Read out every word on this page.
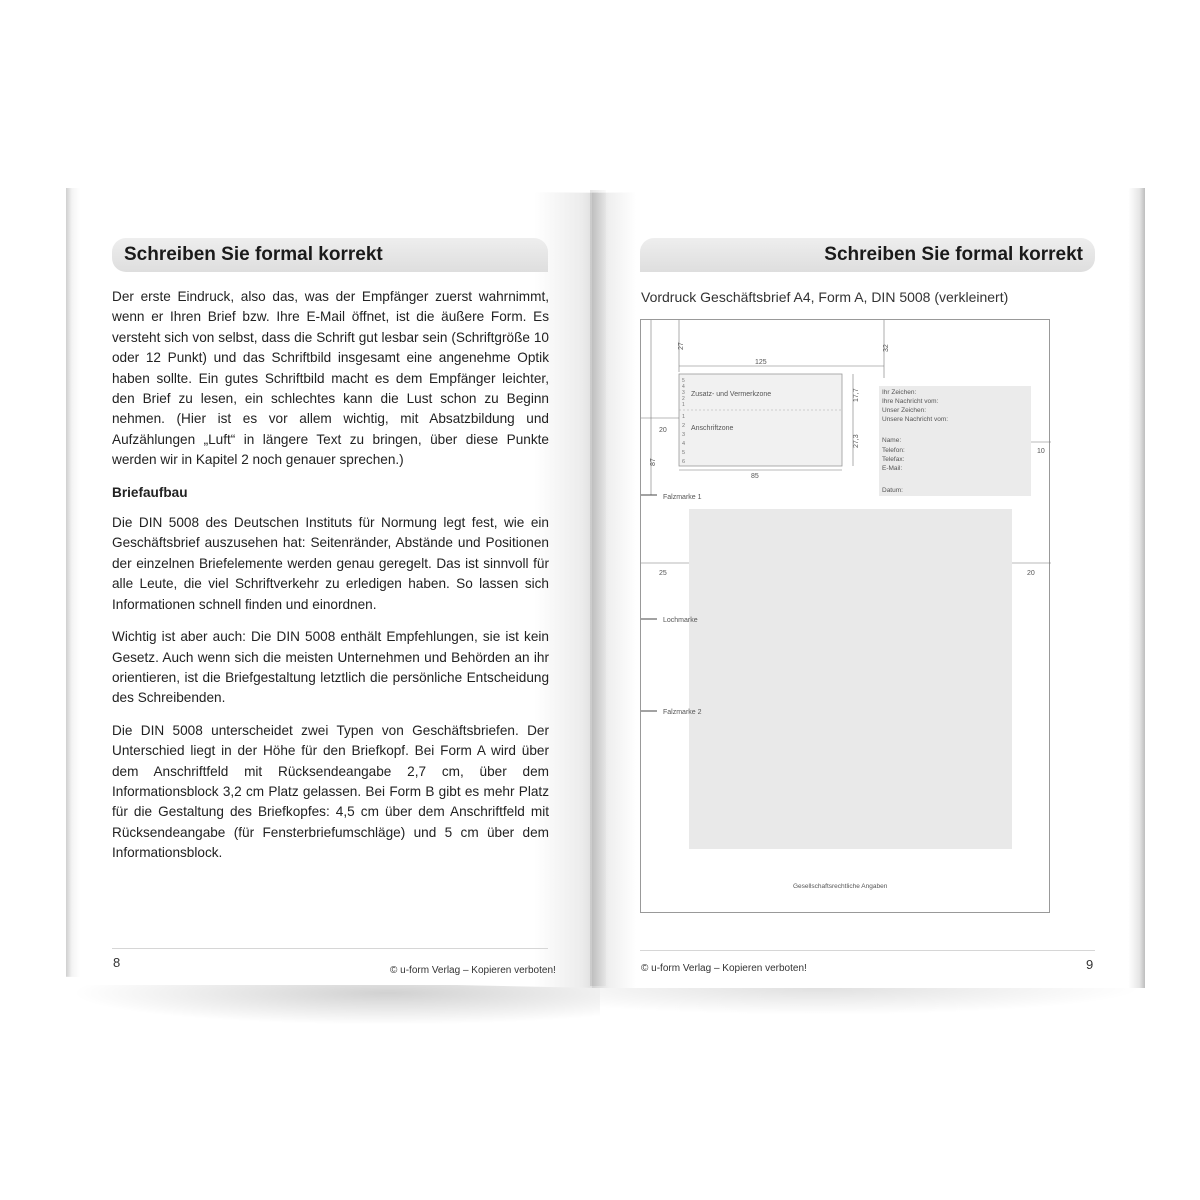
Schreiben Sie formal korrekt

Der erste Eindruck, also das, was der Empfänger zuerst wahrnimmt, wenn er Ihren Brief bzw. Ihre E-Mail öffnet, ist die äußere Form. Es versteht sich von selbst, dass die Schrift gut lesbar sein (Schriftgröße 10 oder 12 Punkt) und das Schriftbild insgesamt eine angenehme Optik haben sollte. Ein gutes Schriftbild macht es dem Empfänger leichter, den Brief zu lesen, ein schlechtes kann die Lust schon zu Beginn nehmen. (Hier ist es vor allem wichtig, mit Absatzbildung und Aufzählungen „Luft“ in längere Text zu bringen, über diese Punkte werden wir in Kapitel 2 noch genauer sprechen.)

Briefaufbau

Die DIN 5008 des Deutschen Instituts für Normung legt fest, wie ein Geschäftsbrief auszusehen hat: Seitenränder, Abstände und Positionen der einzelnen Briefelemente werden genau geregelt. Das ist sinnvoll für alle Leute, die viel Schriftverkehr zu erledigen haben. So lassen sich Informationen schnell finden und einordnen.

Wichtig ist aber auch: Die DIN 5008 enthält Empfehlungen, sie ist kein Gesetz. Auch wenn sich die meisten Unternehmen und Behörden an ihr orientieren, ist die Briefgestaltung letztlich die persönliche Entscheidung des Schreibenden.

Die DIN 5008 unterscheidet zwei Typen von Geschäftsbriefen. Der Unterschied liegt in der Höhe für den Briefkopf. Bei Form A wird über dem Anschriftfeld mit Rücksendeangabe 2,7 cm, über dem Informationsblock 3,2 cm Platz gelassen. Bei Form B gibt es mehr Platz für die Gestaltung des Briefkopfes: 4,5 cm über dem Anschriftfeld mit Rücksendeangabe (für Fensterbriefumschläge) und 5 cm über dem Informationsblock.

8
© u-form Verlag – Kopieren verboten!
Schreiben Sie formal korrekt
Vordruck Geschäftsbrief A4, Form A, DIN 5008 (verkleinert)
27	32
125
20
87
85
17,7
27,3
10
25	20
Zusatz- und Vermerkzone
Anschriftzone
5
4
3
2
1
1
2
3
4
5
6
Ihr Zeichen:
Ihre Nachricht vom:
Unser Zeichen:
Unsere Nachricht vom:
Name:
Telefon:
Telefax:
E-Mail:
Datum:
Falzmarke 1
Lochmarke
Falzmarke 2
Gesellschaftsrechtliche Angaben
© u-form Verlag – Kopieren verboten!	9
